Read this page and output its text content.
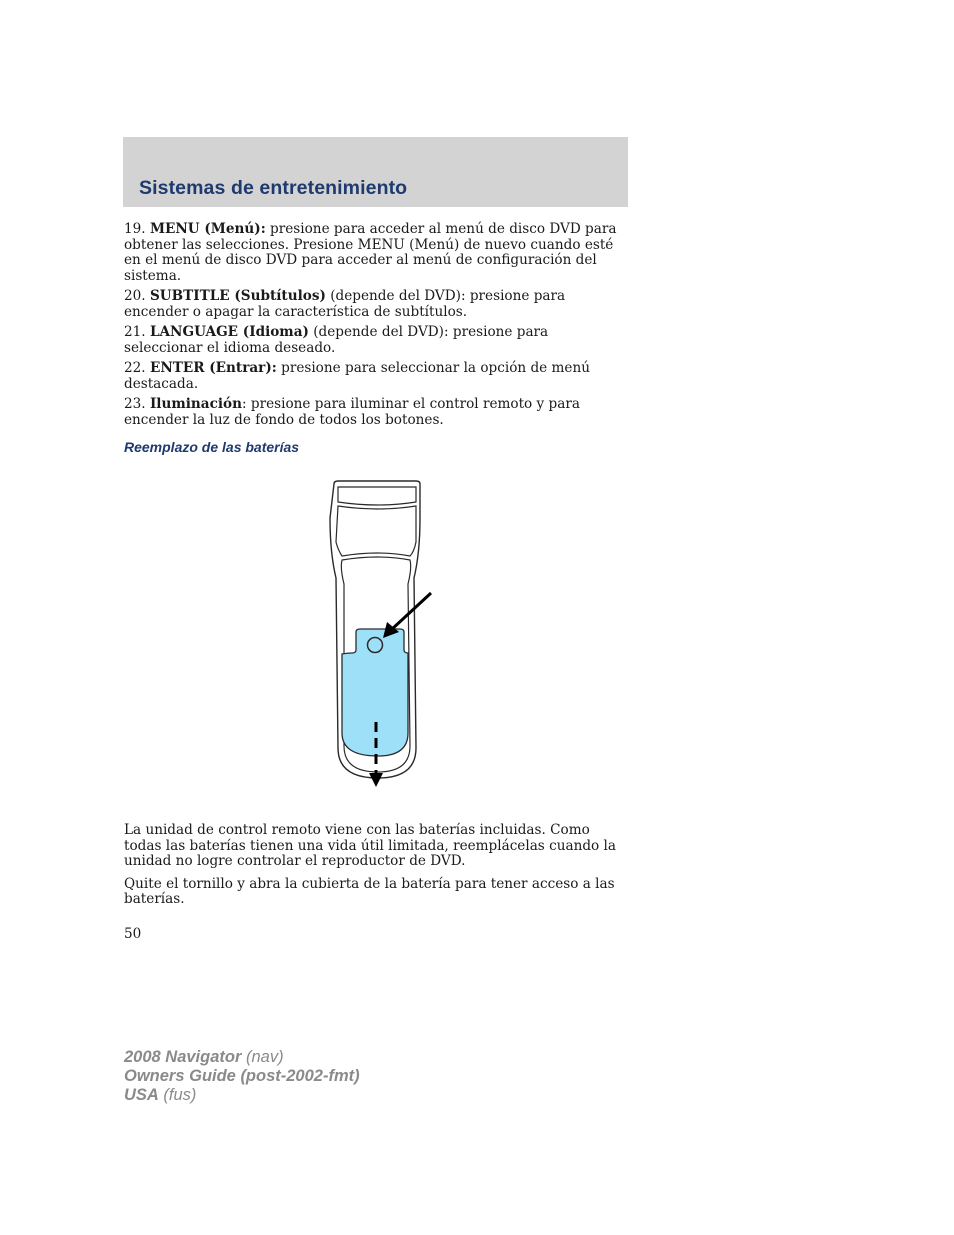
Sistemas de entretenimiento

19. MENU (Menú): presione para acceder al menú de disco DVD para obtener las selecciones. Presione MENU (Menú) de nuevo cuando esté en el menú de disco DVD para acceder al menú de configuración del sistema.

20. SUBTITLE (Subtítulos) (depende del DVD): presione para encender o apagar la característica de subtítulos.

21. LANGUAGE (Idioma) (depende del DVD): presione para seleccionar el idioma deseado.

22. ENTER (Entrar): presione para seleccionar la opción de menú destacada.

23. Iluminación: presione para iluminar el control remoto y para encender la luz de fondo de todos los botones.

Reemplazo de las baterías

La unidad de control remoto viene con las baterías incluidas. Como todas las baterías tienen una vida útil limitada, reemplácelas cuando la unidad no logre controlar el reproductor de DVD.

Quite el tornillo y abra la cubierta de la batería para tener acceso a las baterías.

50
2008 Navigator (nav)
Owners Guide (post-2002-fmt)
USA (fus)
